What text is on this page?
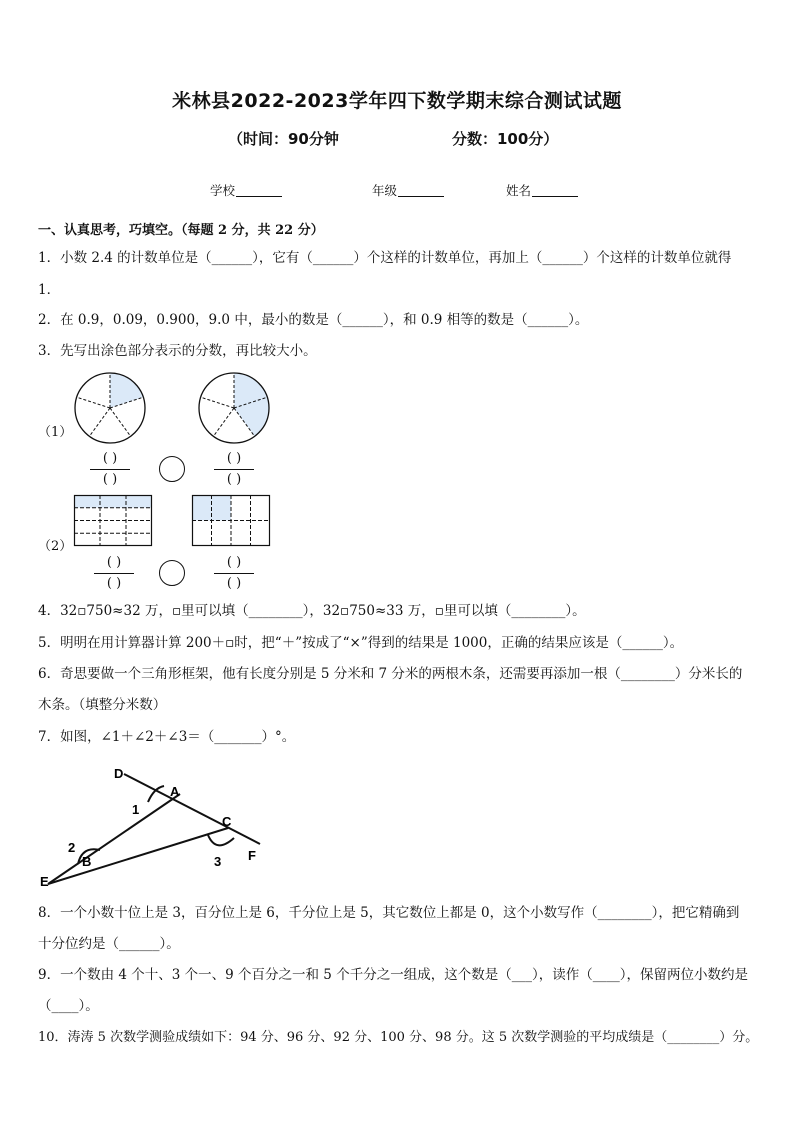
米林县2022-2023学年四下数学期末综合测试试题
（时间：90分钟	分数：100分）
学校	年级	姓名
一、认真思考，巧填空。（每题 2 分，共 22 分）
1．小数 2.4 的计数单位是（______），它有（______）个这样的计数单位，再加上（______）个这样的计数单位就得
1．
2．在 0.9，0.09，0.900，9.0 中，最小的数是（______），和 0.9 相等的数是（______）。
3．先写出涂色部分表示的分数，再比较大小。
（1）
（2）
( )
( )
( )
( )
( )
( )
( )
( )
4．32▫750≈32 万，▫里可以填（________），32▫750≈33 万，▫里可以填（________）。
5．明明在用计算器计算 200＋▫时，把“＋”按成了“×”得到的结果是 1000，正确的结果应该是（______）。
6．奇思要做一个三角形框架，他有长度分别是 5 分米和 7 分米的两根木条，还需要再添加一根（________）分米长的
木条。（填整分米数）
7．如图，∠1＋∠2＋∠3＝（_______）°。
D
A
C
B
E
F
1
2
3
8．一个小数十位上是 3，百分位上是 6，千分位上是 5，其它数位上都是 0，这个小数写作（________），把它精确到
十分位约是（______）。
9．一个数由 4 个十、3 个一、9 个百分之一和 5 个千分之一组成，这个数是（___），读作（____），保留两位小数约是
（____）。
10．涛涛 5 次数学测验成绩如下：94 分、96 分、92 分、100 分、98 分。这 5 次数学测验的平均成绩是（________）分。
